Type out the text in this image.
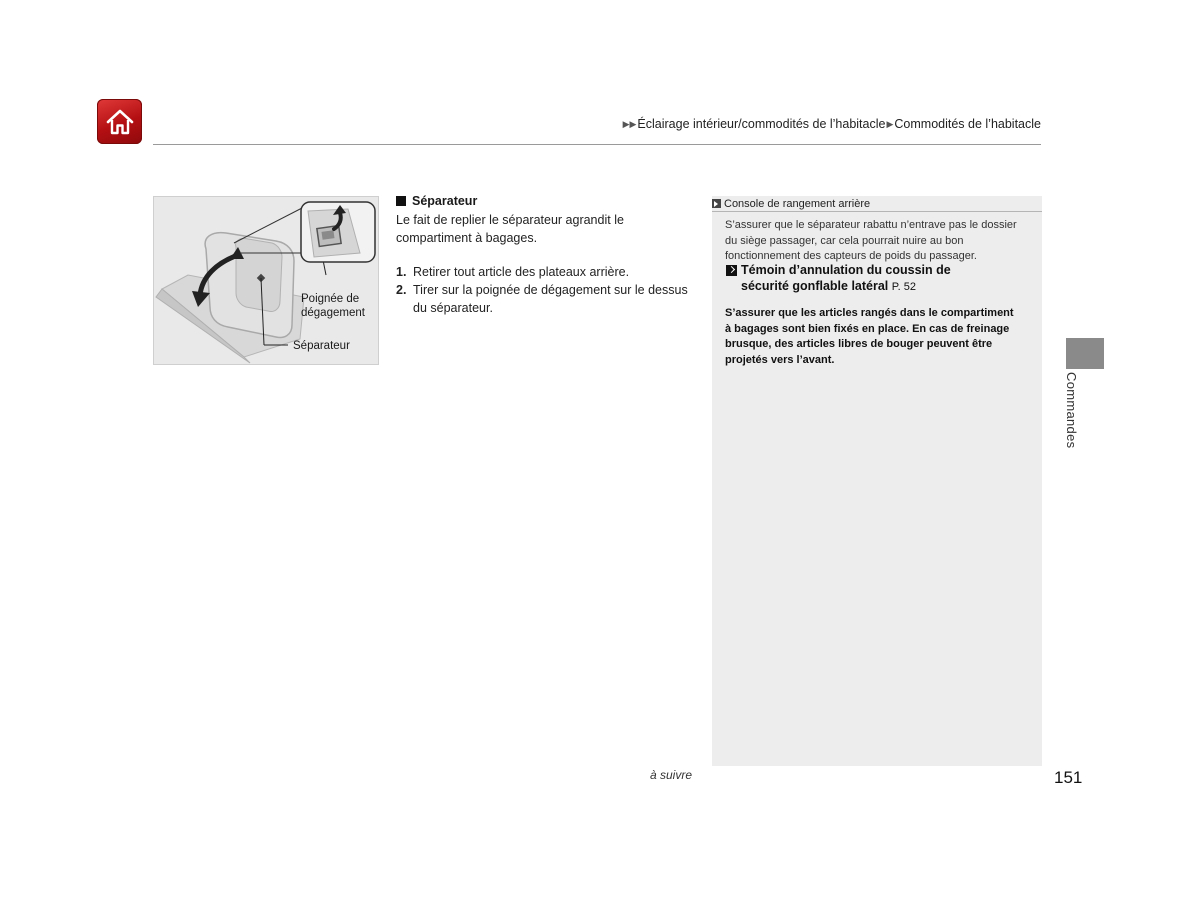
▶▶ Éclairage intérieur/commodités de l’habitacle ▶ Commodités de l’habitacle
Poignée de
dégagement
Séparateur
Séparateur
Le fait de replier le séparateur agrandit le
compartiment à bagages.
1. Retirer tout article des plateaux arrière.
2. Tirer sur la poignée de dégagement sur le dessus
du séparateur.
Console de rangement arrière
S’assurer que le séparateur rabattu n’entrave pas le dossier
du siège passager, car cela pourrait nuire au bon
fonctionnement des capteurs de poids du passager.
Témoin d’annulation du coussin de
sécurité gonflable latéral P. 52
S’assurer que les articles rangés dans le compartiment
à bagages sont bien fixés en place. En cas de freinage
brusque, des articles libres de bouger peuvent être
projetés vers l’avant.
Commandes
à suivre	151
